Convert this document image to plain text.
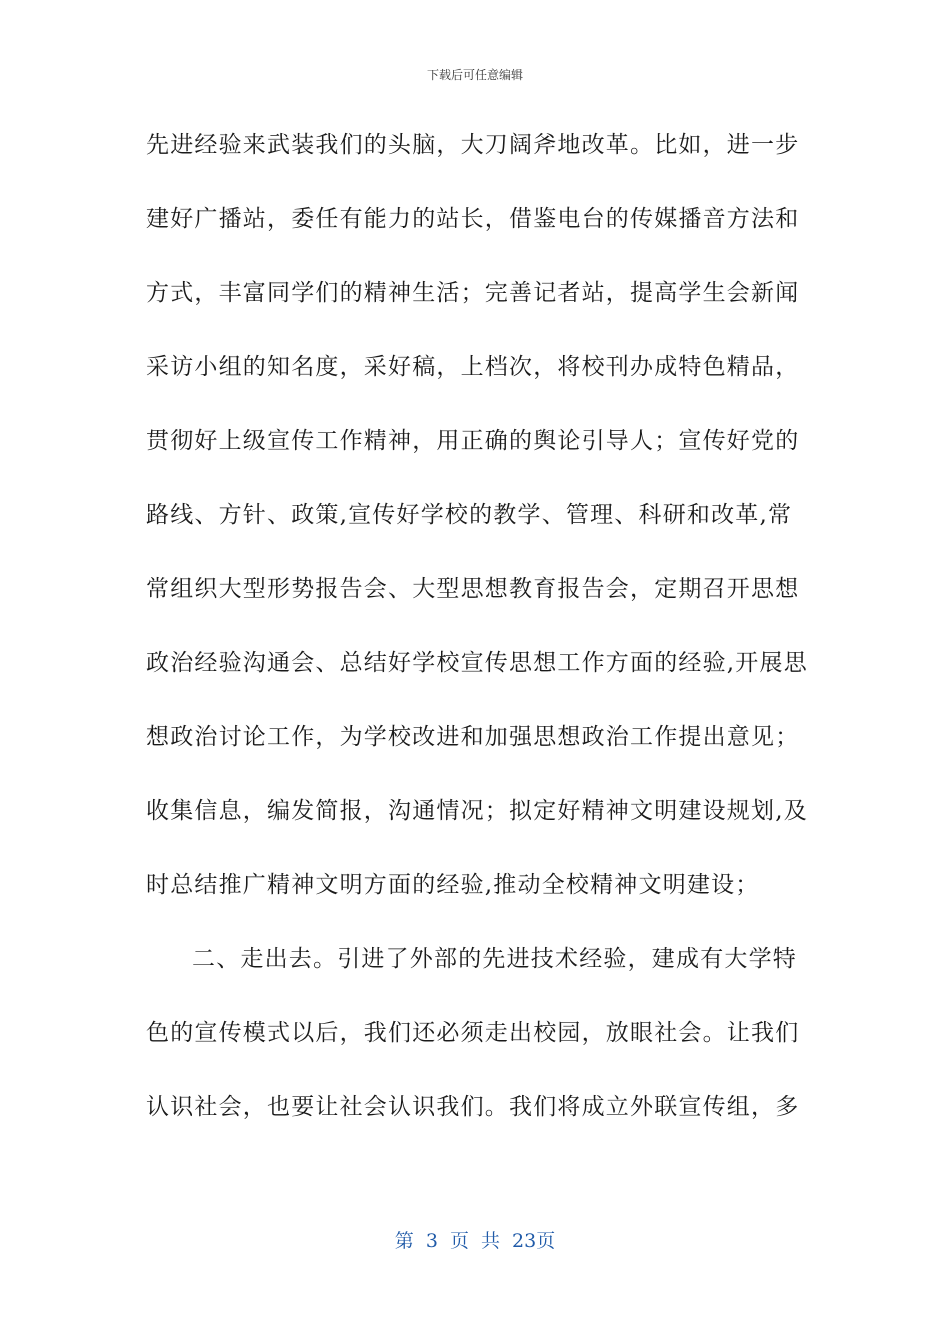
下载后可任意编辑
先进经验来武装我们的头脑，大刀阔斧地改革。比如，进一步
建好广播站，委任有能力的站长，借鉴电台的传媒播音方法和
方式，丰富同学们的精神生活；完善记者站，提高学生会新闻
采访小组的知名度，采好稿，上档次，将校刊办成特色精品，
贯彻好上级宣传工作精神，用正确的舆论引导人；宣传好党的
路线、方针、政策,宣传好学校的教学、管理、科研和改革,常
常组织大型形势报告会、大型思想教育报告会，定期召开思想
政治经验沟通会、总结好学校宣传思想工作方面的经验,开展思
想政治讨论工作，为学校改进和加强思想政治工作提出意见；
收集信息，编发简报，沟通情况；拟定好精神文明建设规划,及
时总结推广精神文明方面的经验,推动全校精神文明建设；
二、走出去。引进了外部的先进技术经验，建成有大学特
色的宣传模式以后，我们还必须走出校园，放眼社会。让我们
认识社会，也要让社会认识我们。我们将成立外联宣传组，多
第 3 页 共 23页
